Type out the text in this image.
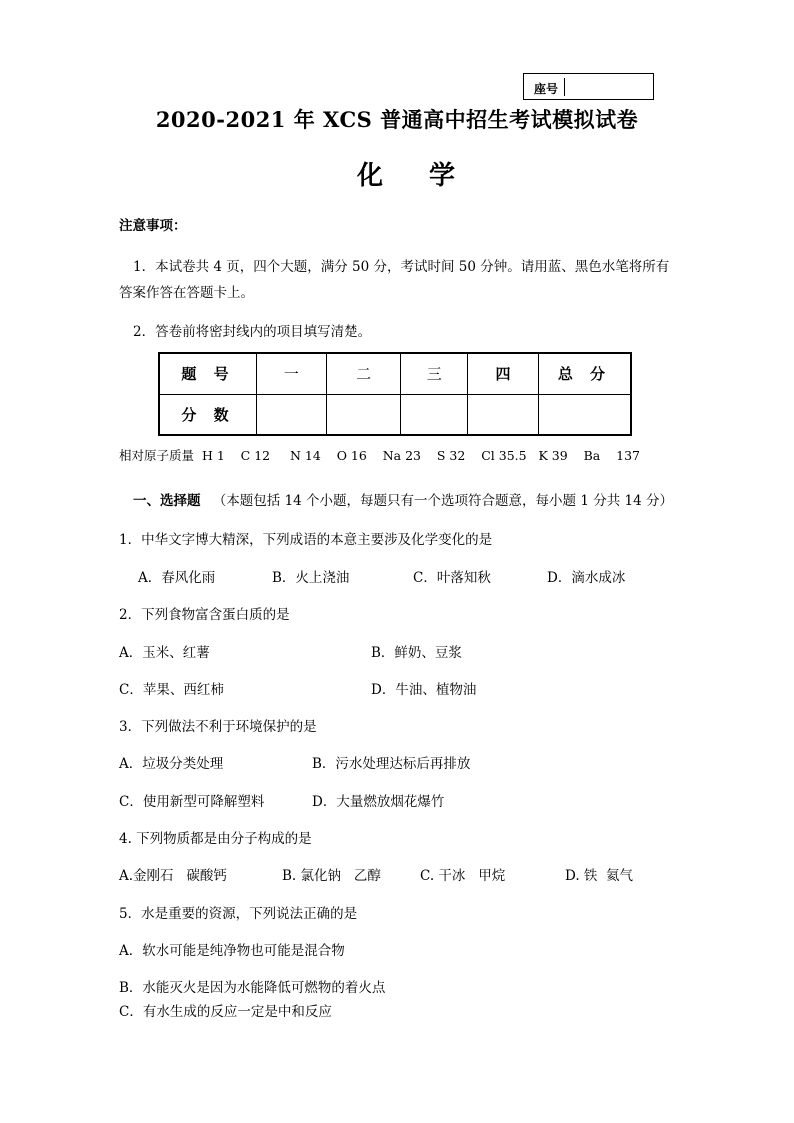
座号
2020-2021 年 XCS 普通高中招生考试模拟试卷
化学
注意事项：
1．本试卷共 4 页，四个大题，满分 50 分，考试时间 50 分钟。请用蓝、黑色水笔将所有
答案作答在答题卡上。
2．答卷前将密封线内的项目填写清楚。
题 号	一	二	三	四	总 分
分 数					
相对原子质量  H 1    C 12     N 14    O 16    Na 23    S 32    Cl 35.5   K 39    Ba    137
一、选择题 （本题包括 14 个小题，每题只有一个选项符合题意，每小题 1 分共 14 分）
1．中华文字博大精深，下列成语的本意主要涉及化学变化的是
A．春风化雨	B．火上浇油	C．叶落知秋	D．滴水成冰
2．下列食物富含蛋白质的是
A．玉米、红薯	B．鲜奶、豆浆
C．苹果、西红柿	D．牛油、植物油
3．下列做法不利于环境保护的是
A．垃圾分类处理	B．污水处理达标后再排放
C．使用新型可降解塑料	D．大量燃放烟花爆竹
4. 下列物质都是由分子构成的是
A.金刚石   碳酸钙	B. 氯化钠   乙醇	C. 干冰   甲烷	D. 铁  氦气
5．水是重要的资源，下列说法正确的是
A．软水可能是纯净物也可能是混合物
B．水能灭火是因为水能降低可燃物的着火点
C．有水生成的反应一定是中和反应
